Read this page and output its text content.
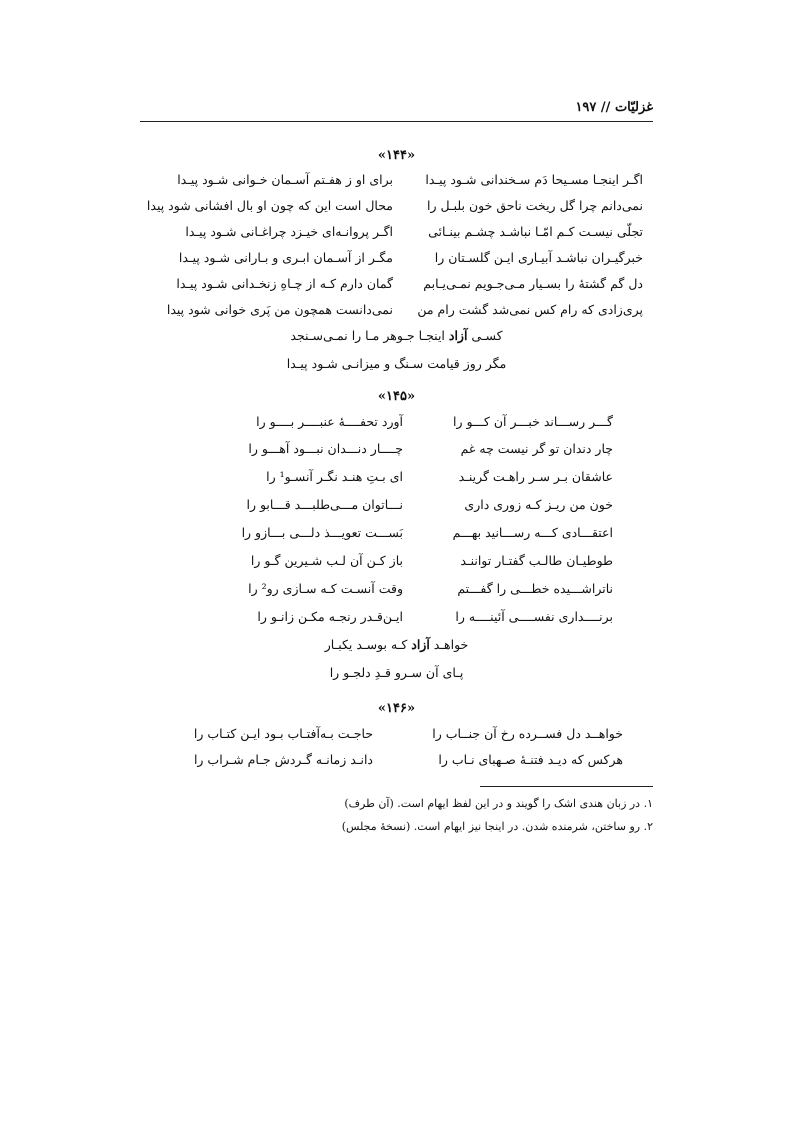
غزلیّات // ۱۹۷
«۱۴۴»
اگـر اینجـا مسـیحا دَم سـخندانی شـود پیـدا
برای او ز هفـتم آسـمان خـوانی شـود پیـدا
نمی‌دانم چرا گل ریخت ناحق خون بلبـل را
محال است این که چون او بال افشانی شود پیدا
تجلّی نیسـت کـم امّـا نباشـد چشـم بینـائی
اگـر پروانـه‌ای خیـزد چراغـانی شـود پیـدا
خبرگیـران نباشـد آبیـاری ایـن گلسـتان را
مگـر از آسـمان ابـری و بـارانی شـود پیـدا
دل گم گشتهٔ را بسـیار مـی‌جـویم نمـی‌یـابم
گمان دارم کـه از چـاهِ زنخـدانی شـود پیـدا
پری‌زادی که رام کس نمی‌شد گشت رام من
نمی‌دانست همچون من پَری خوانی شود پیدا
کسـی آزاد اینجـا جـوهر مـا را نمـی‌سـنجد
مگر روز قیامت سـنگ و میزانـی شـود پیـدا
«۱۴۵»
گـــر رســـاند خبـــر آن کـــو را
آورد تحفــــهٔ عنبــــر بــــو را
چار دندان تو گر نیست چه غم
چــــار دنـــدان نبـــود آهـــو را
عاشقان بـر سـر راهـت گرینـد
ای بـتِ هنـد نگـر آنسـو¹ را
خون من ریـز کـه زوری داری
نـــاتوان مـــی‌طلبـــد قـــابو را
اعتقـــادی کـــه رســـانید بهـــم
بَســـت تعویـــذ دلـــی بـــازو را
طوطیـان طالـب گفتـار تواننـد
باز کـن آن لـب شـیرین گـو را
ناتراشـــیده خطـــی را گفـــتم
وقت آنسـت کـه سـازی رو² را
برنــــداری نفســــی آئینــــه را
ایـن‌قـدر رنجـه مکـن زانـو را
خواهـد آزاد کـه بوسـد یکبـار
پـای آن سـرو قـدِ دلجـو را
«۱۴۶»
خواهــد دل فســرده رخ آن جنــاب را
حاجـت بـه‌آفتـاب بـود ایـن کتـاب را
هرکس که دیـد فتنـهٔ صـهبای نـاب را
دانـد زمانـه گـردش جـام شـراب را
۱. در زبان هندی اشک را گویند و در این لفظ ایهام است. (آن طرف)
۲. رو ساختن، شرمنده شدن. در اینجا نیز ایهام است. (نسخهٔ مجلس)
